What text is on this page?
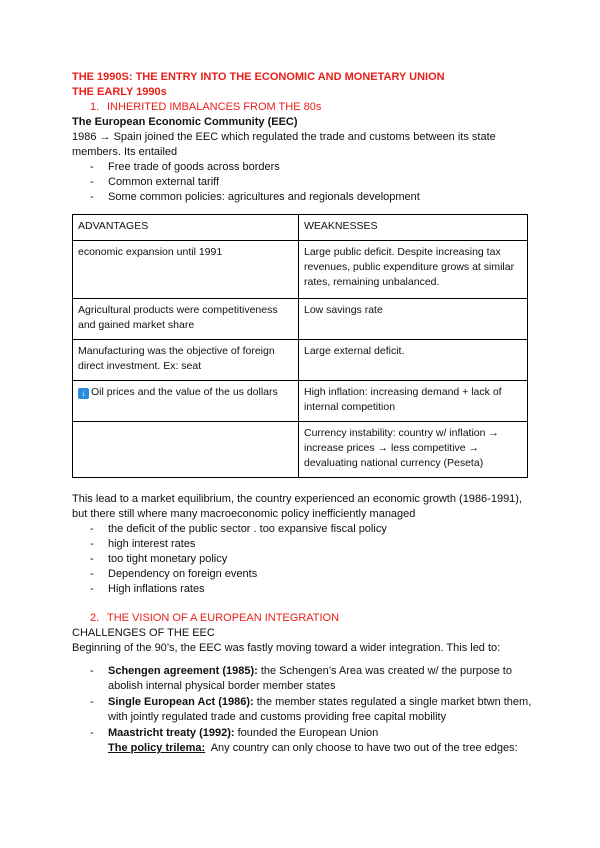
THE 1990S: THE ENTRY INTO THE ECONOMIC AND MONETARY UNION
THE EARLY 1990s
1. INHERITED IMBALANCES FROM THE 80s
The European Economic Community (EEC)
1986 → Spain joined the EEC which regulated the trade and customs between its state members. Its entailed
- Free trade of goods across borders
- Common external tariff
- Some common policies: agricultures and regionals development
ADVANTAGES	WEAKNESSES
economic expansion until 1991	Large public deficit. Despite increasing tax revenues, public expenditure grows at similar rates, remaining unbalanced.
Agricultural products were competitiveness and gained market share	Low savings rate
Manufacturing was the objective of foreign direct investment. Ex: seat	Large external deficit.
↓ Oil prices and the value of the us dollars	High inflation: increasing demand + lack of internal competition
	Currency instability: country w/ inflation → increase prices → less competitive → devaluating national currency (Peseta)
This lead to a market equilibrium, the country experienced an economic growth (1986-1991), but there still where many macroeconomic policy inefficiently managed
- the deficit of the public sector . too expansive fiscal policy
- high interest rates
- too tight monetary policy
- Dependency on foreign events
- High inflations rates
2. THE VISION OF A EUROPEAN INTEGRATION
CHALLENGES OF THE EEC
Beginning of the 90’s, the EEC was fastly moving toward a wider integration. This led to:
- Schengen agreement (1985): the Schengen’s Area was created w/ the purpose to abolish internal physical border member states
- Single European Act (1986): the member states regulated a single market btwn them, with jointly regulated trade and customs providing free capital mobility
- Maastricht treaty (1992): founded the European Union
The policy trilema:  Any country can only choose to have two out of the tree edges:
